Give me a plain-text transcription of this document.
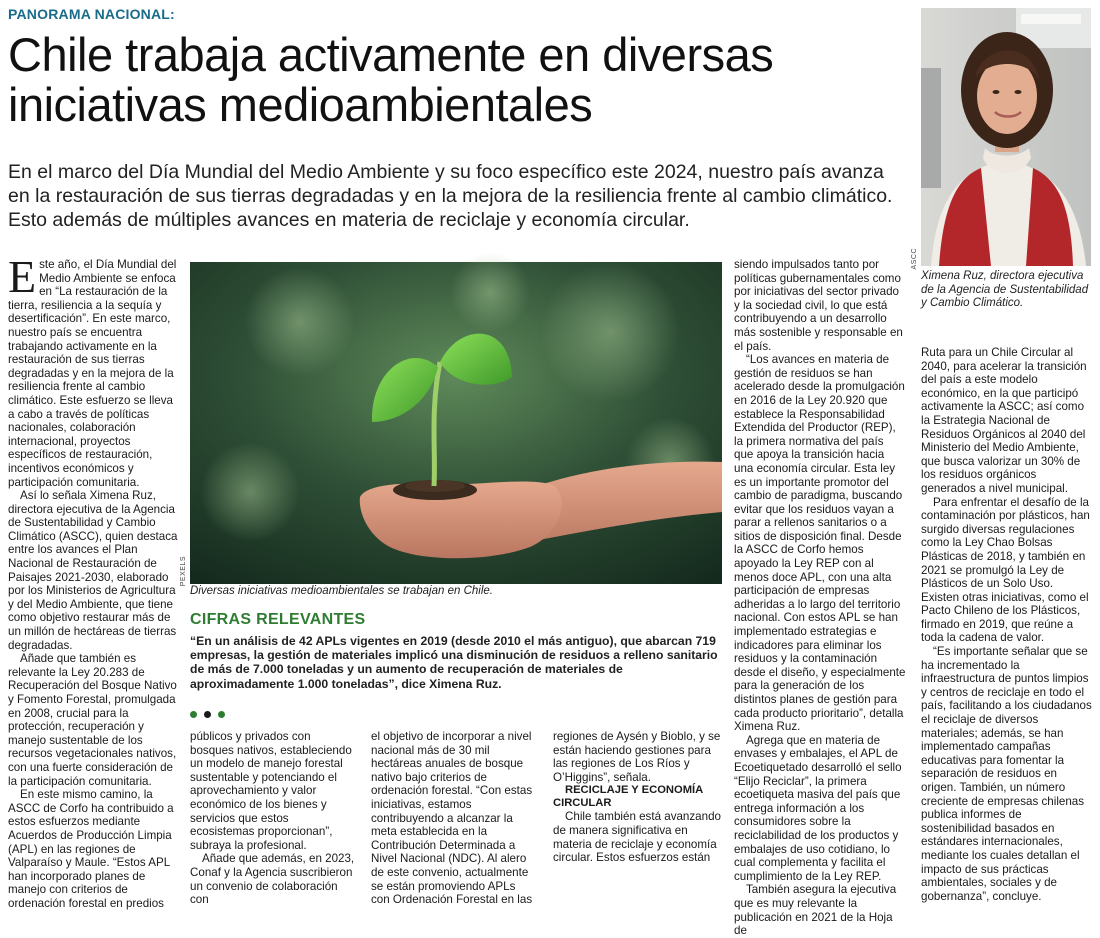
PANORAMA NACIONAL:
Chile trabaja activamente en diversas
iniciativas medioambientales
En el marco del Día Mundial del Medio Ambiente y su foco específico este 2024, nuestro país avanza en la restauración de sus tierras degradadas y en la mejora de la resiliencia frente al cambio climático. Esto además de múltiples avances en materia de reciclaje y economía circular.

Este año, el Día Mundial del Medio Ambiente se enfoca en “La restauración de la tierra, resiliencia a la sequía y desertificación”. En este marco, nuestro país se encuentra trabajando activamente en la restauración de sus tierras degradadas y en la mejora de la resiliencia frente al cambio climático. Este esfuerzo se lleva a cabo a través de políticas nacionales, colaboración internacional, proyectos específicos de restauración, incentivos económicos y participación comunitaria.

Así lo señala Ximena Ruz, directora ejecutiva de la Agencia de Sustentabilidad y Cambio Climático (ASCC), quien destaca entre los avances el Plan Nacional de Restauración de Paisajes 2021-2030, elaborado por los Ministerios de Agricultura y del Medio Ambiente, que tiene como objetivo restaurar más de un millón de hectáreas de tierras degradadas.

Añade que también es relevante la Ley 20.283 de Recuperación del Bosque Nativo y Fomento Forestal, promulgada en 2008, crucial para la protección, recuperación y manejo sustentable de los recursos vegetacionales nativos, con una fuerte consideración de la participación comunitaria.

En este mismo camino, la ASCC de Corfo ha contribuido a estos esfuerzos mediante Acuerdos de Producción Limpia (APL) en las regiones de Valparaíso y Maule. “Estos APL han incorporado planes de manejo con criterios de ordenación forestal en predios

PEXELS
Diversas iniciativas medioambientales se trabajan en Chile.
CIFRAS RELEVANTES
“En un análisis de 42 APLs vigentes en 2019 (desde 2010 el más antiguo), que abarcan 719 empresas, la gestión de materiales implicó una disminución de residuos a relleno sanitario de más de 7.000 toneladas y un aumento de recuperación de materiales de aproximadamente 1.000 toneladas”, dice Ximena Ruz.

públicos y privados con bosques nativos, estableciendo un modelo de manejo forestal sustentable y potenciando el aprovechamiento y valor económico de los bienes y servicios que estos ecosistemas proporcionan”, subraya la profesional.

Añade que además, en 2023, Conaf y la Agencia suscribieron un convenio de colaboración con

el objetivo de incorporar a nivel nacional más de 30 mil hectáreas anuales de bosque nativo bajo criterios de ordenación forestal. “Con estas iniciativas, estamos contribuyendo a alcanzar la meta establecida en la Contribución Determinada a Nivel Nacional (NDC). Al alero de este convenio, actualmente se están promoviendo APLs con Ordenación Forestal en las

regiones de Aysén y Bioblo, y se están haciendo gestiones para las regiones de Los Ríos y O’Higgins”, señala.

RECICLAJE Y ECONOMÍA CIRCULAR

Chile también está avanzando de manera significativa en materia de reciclaje y economía circular. Estos esfuerzos están

siendo impulsados tanto por políticas gubernamentales como por iniciativas del sector privado y la sociedad civil, lo que está contribuyendo a un desarrollo más sostenible y responsable en el país.

“Los avances en materia de gestión de residuos se han acelerado desde la promulgación en 2016 de la Ley 20.920 que establece la Responsabilidad Extendida del Productor (REP), la primera normativa del país que apoya la transición hacia una economía circular. Esta ley es un importante promotor del cambio de paradigma, buscando evitar que los residuos vayan a parar a rellenos sanitarios o a sitios de disposición final. Desde la ASCC de Corfo hemos apoyado la Ley REP con al menos doce APL, con una alta participación de empresas adheridas a lo largo del territorio nacional. Con estos APL se han implementado estrategias e indicadores para eliminar los residuos y la contaminación desde el diseño, y especialmente para la generación de los distintos planes de gestión para cada producto prioritario”, detalla Ximena Ruz.

Agrega que en materia de envases y embalajes, el APL de Ecoetiquetado desarrolló el sello “Elijo Reciclar”, la primera ecoetiqueta masiva del país que entrega información a los consumidores sobre la reciclabilidad de los productos y embalajes de uso cotidiano, lo cual complementa y facilita el cumplimiento de la Ley REP.

También asegura la ejecutiva que es muy relevante la publicación en 2021 de la Hoja de

ASCC
Ximena Ruz, directora ejecutiva de la Agencia de Sustentabilidad y Cambio Climático.

Ruta para un Chile Circular al 2040, para acelerar la transición del país a este modelo económico, en la que participó activamente la ASCC; así como la Estrategia Nacional de Residuos Orgánicos al 2040 del Ministerio del Medio Ambiente, que busca valorizar un 30% de los residuos orgánicos generados a nivel municipal.

Para enfrentar el desafío de la contaminación por plásticos, han surgido diversas regulaciones como la Ley Chao Bolsas Plásticas de 2018, y también en 2021 se promulgó la Ley de Plásticos de un Solo Uso. Existen otras iniciativas, como el Pacto Chileno de los Plásticos, firmado en 2019, que reúne a toda la cadena de valor.

“Es importante señalar que se ha incrementado la infraestructura de puntos limpios y centros de reciclaje en todo el país, facilitando a los ciudadanos el reciclaje de diversos materiales; además, se han implementado campañas educativas para fomentar la separación de residuos en origen. También, un número creciente de empresas chilenas publica informes de sostenibilidad basados en estándares internacionales, mediante los cuales detallan el impacto de sus prácticas ambientales, sociales y de gobernanza”, concluye.
